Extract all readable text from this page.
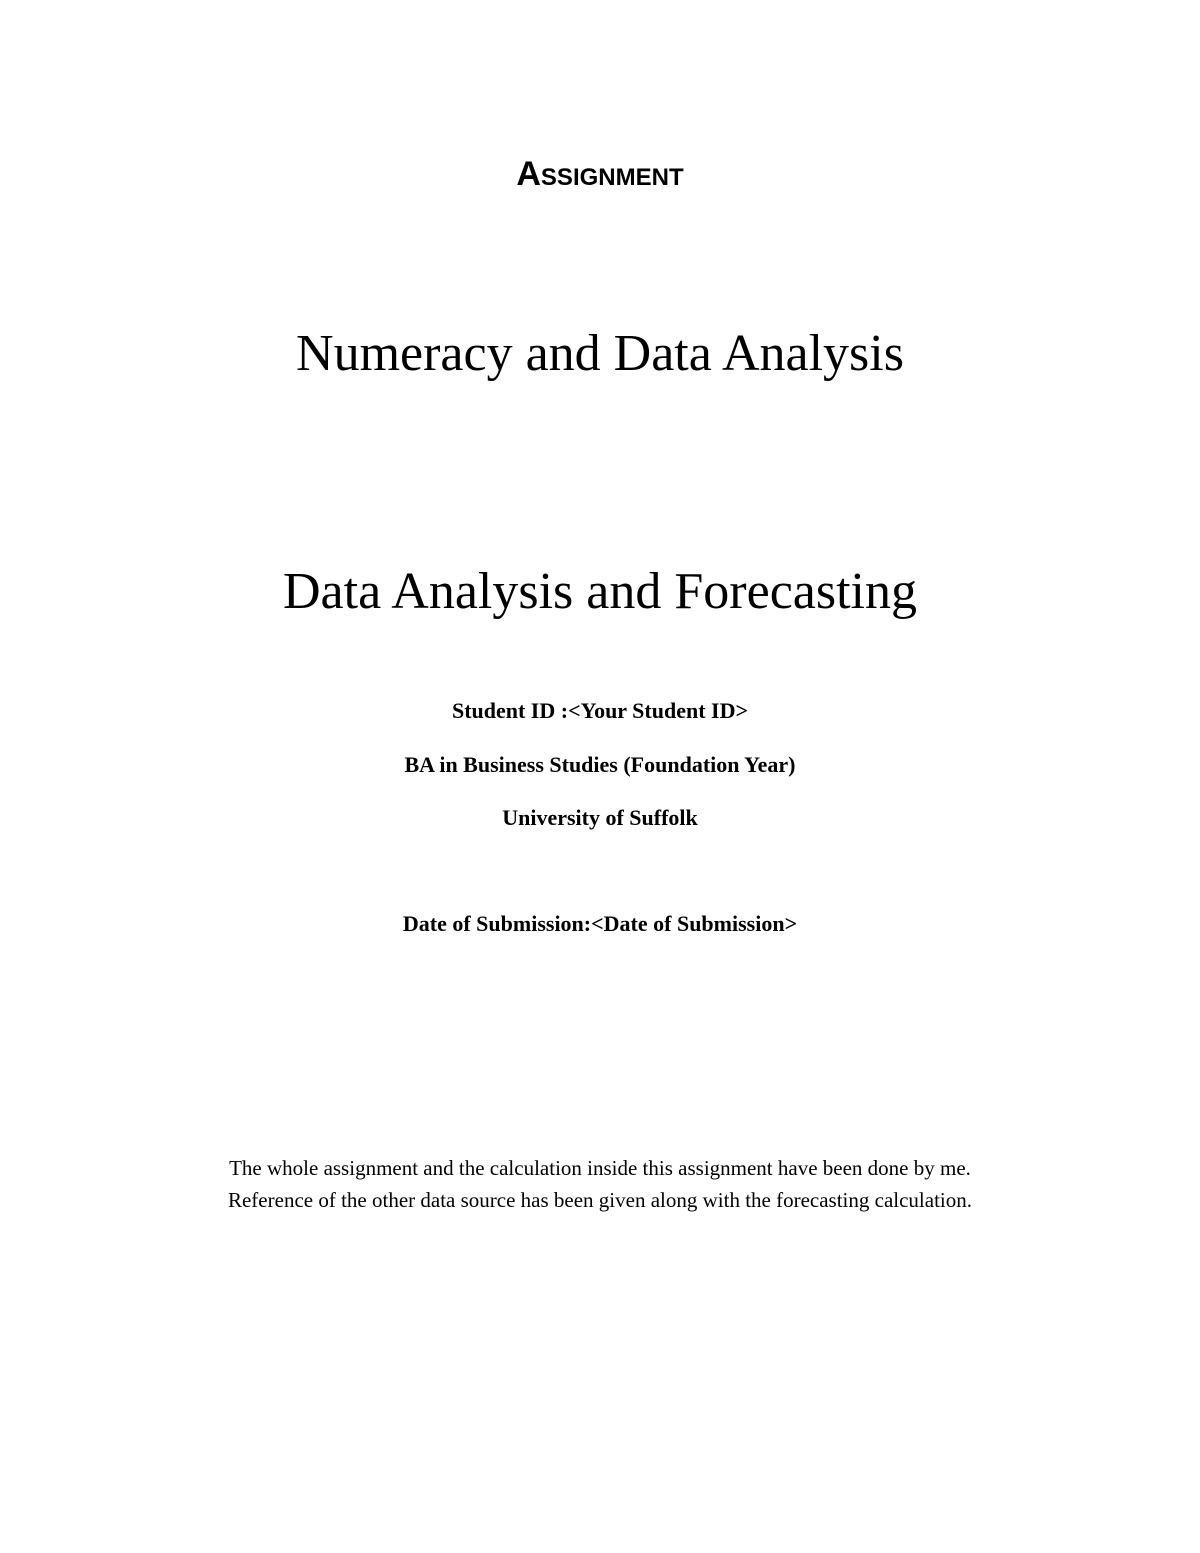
Assignment
Numeracy and Data Analysis
Data Analysis and Forecasting
Student ID :<Your Student ID>
BA in Business Studies (Foundation Year)
University of Suffolk
Date of Submission:<Date of Submission>
The whole assignment and the calculation inside this assignment have been done by me.
Reference of the other data source has been given along with the forecasting calculation.
